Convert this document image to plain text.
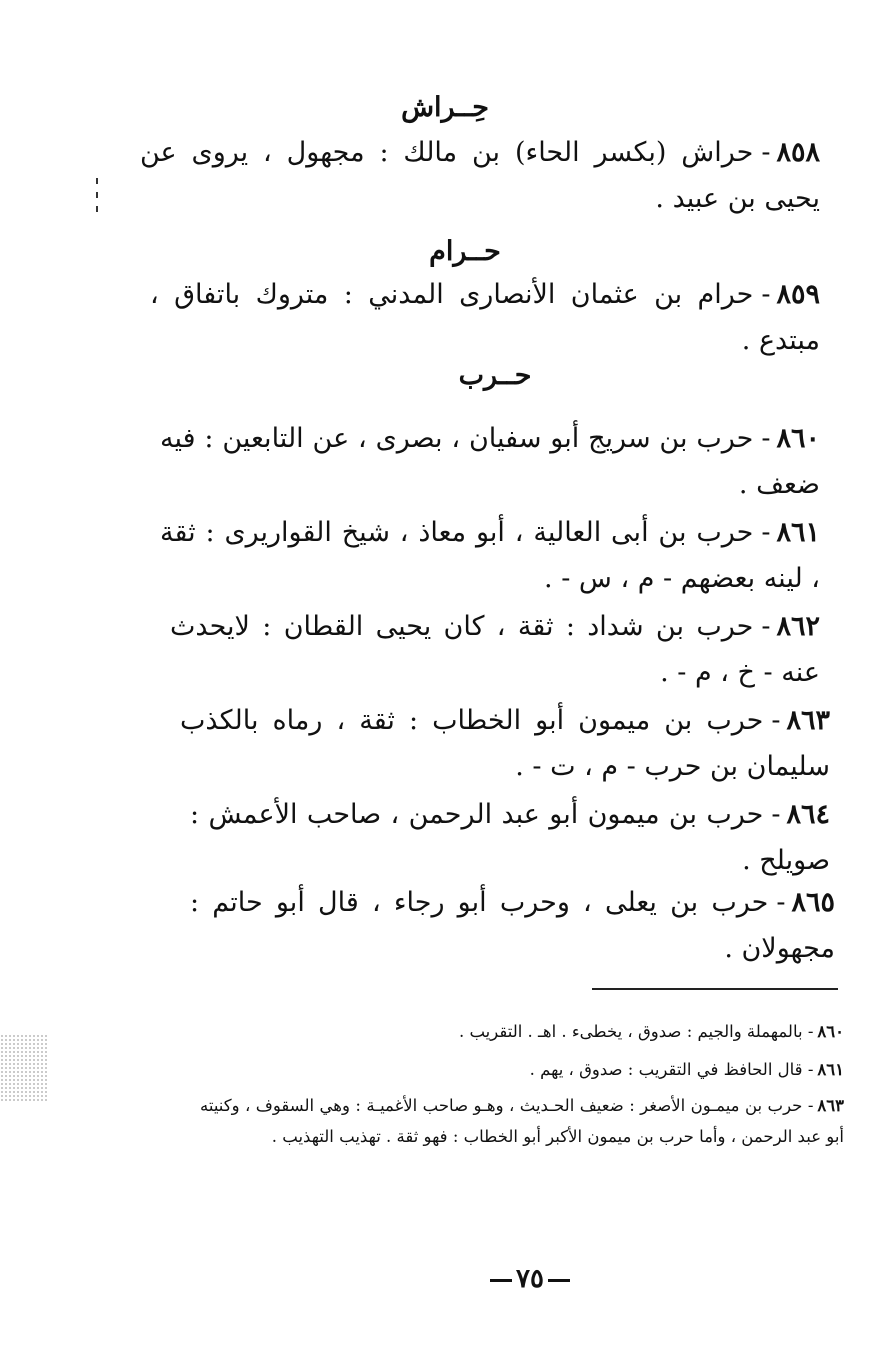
حِــراش
٨٥٨-حراش (بكسر الحاء) بن مالك : مجهول ، يروى عن يحيى بن عبيد .
حــرام
٨٥٩-حرام بن عثمان الأنصارى المدني : متروك باتفاق ، مبتدع .
حــرب
٨٦٠-حرب بن سريج أبو سفيان ، بصرى ، عن التابعين : فيه ضعف .
٨٦١-حرب بن أبى العالية ، أبو معاذ ، شيخ القواريرى : ثقة ، لينه بعضهم - م ، س - .
٨٦٢-حرب بن شداد : ثقة ، كان يحيى القطان : لايحدث عنه - خ ، م - .
٨٦٣-حرب بن ميمون أبو الخطاب : ثقة ، رماه بالكذب سليمان بن حرب - م ، ت - .
٨٦٤-حرب بن ميمون أبو عبد الرحمن ، صاحب الأعمش : صويلح .
٨٦٥-حرب بن يعلى ، وحرب أبو رجاء ، قال أبو حاتم : مجهولان .
٨٦٠- بالمهملة والجيم : صدوق ، يخطىء . اهـ . التقريب .
٨٦١- قال الحافظ في التقريب : صدوق ، يهم .
٨٦٣- حرب بن ميمـون الأصغر : ضعيف الحـديث ، وهـو صاحب الأغميـة : وهي السقوف ، وكنيته أبو عبد الرحمن ، وأما حرب بن ميمون الأكبر أبو الخطاب : فهو ثقة . تهذيب التهذيب .
٧٥
